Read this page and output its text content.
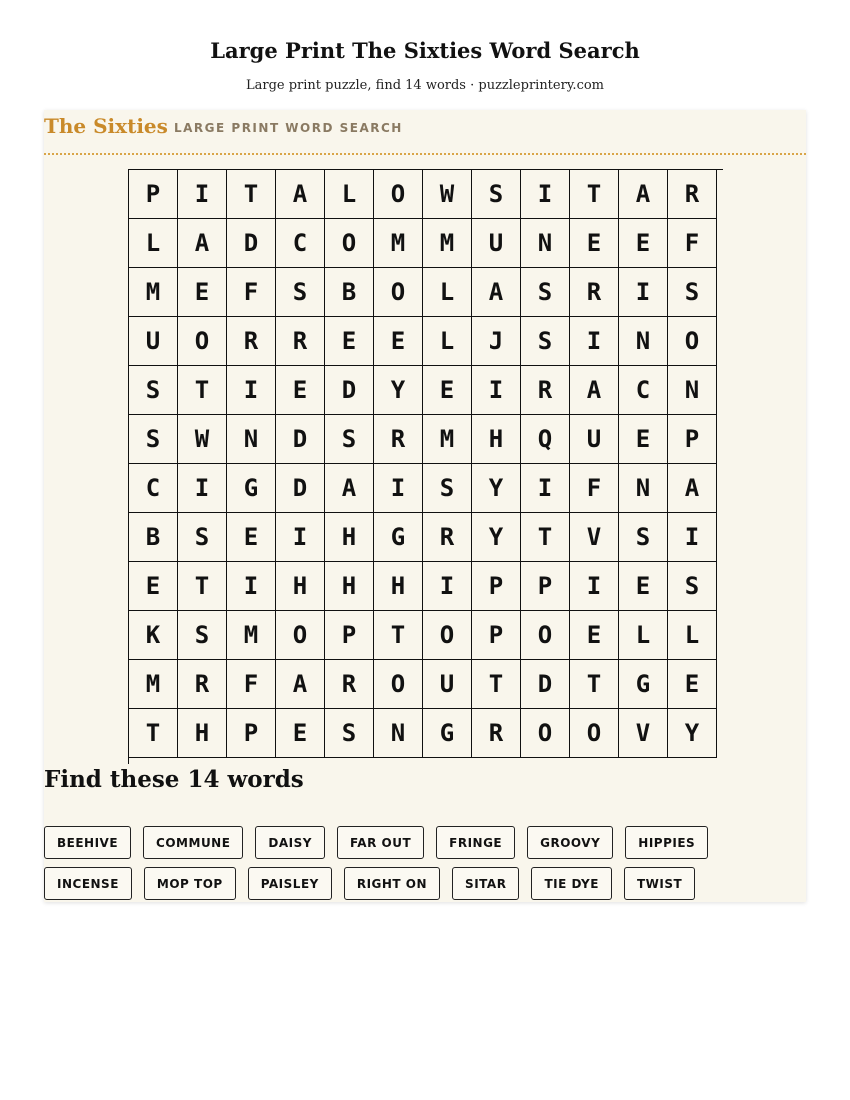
Large Print The Sixties Word Search
Large print puzzle, find 14 words · puzzleprintery.com
The Sixties LARGE PRINT WORD SEARCH
P	I	T	A	L	O	W	S	I	T	A	R
L	A	D	C	O	M	M	U	N	E	E	F
M	E	F	S	B	O	L	A	S	R	I	S
U	O	R	R	E	E	L	J	S	I	N	O
S	T	I	E	D	Y	E	I	R	A	C	N
S	W	N	D	S	R	M	H	Q	U	E	P
C	I	G	D	A	I	S	Y	I	F	N	A
B	S	E	I	H	G	R	Y	T	V	S	I
E	T	I	H	H	H	I	P	P	I	E	S
K	S	M	O	P	T	O	P	O	E	L	L
M	R	F	A	R	O	U	T	D	T	G	E
T	H	P	E	S	N	G	R	O	O	V	Y
Find these 14 words
BEEHIVE	COMMUNE	DAISY	FAR OUT	FRINGE	GROOVY	HIPPIES
INCENSE	MOP TOP	PAISLEY	RIGHT ON	SITAR	TIE DYE	TWIST
